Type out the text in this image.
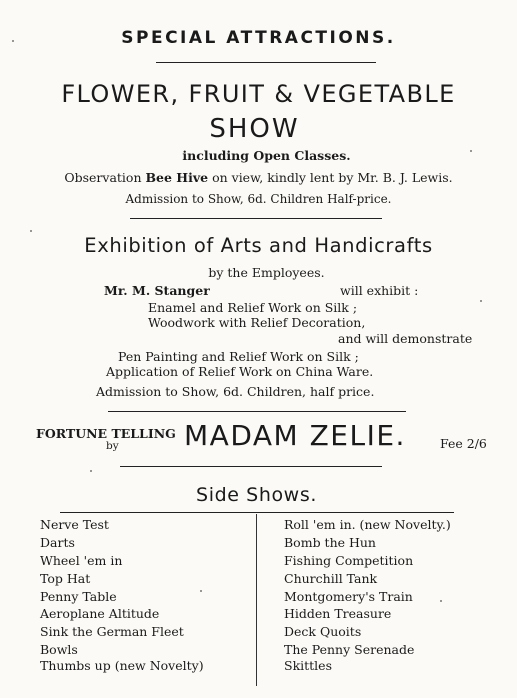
SPECIAL ATTRACTIONS.
FLOWER, FRUIT & VEGETABLE
SHOW
including Open Classes.
Observation Bee Hive on view, kindly lent by Mr. B. J. Lewis.
Admission to Show, 6d. Children Half-price.
Exhibition of Arts and Handicrafts
by the Employees.
Mr. M. Stanger	will exhibit :
Enamel and Relief Work on Silk ;
Woodwork with Relief Decoration,
and will demonstrate
Pen Painting and Relief Work on Silk ;
Application of Relief Work on China Ware.
Admission to Show, 6d. Children, half price.
FORTUNE TELLING
by MADAM ZELIE.	Fee 2/6
Side Shows.
Nerve Test
Darts
Wheel 'em in
Top Hat
Penny Table
Aeroplane Altitude
Sink the German Fleet
Bowls
Thumbs up (new Novelty)
Roll 'em in. (new Novelty.)
Bomb the Hun
Fishing Competition
Churchill Tank
Montgomery's Train
Hidden Treasure
Deck Quoits
The Penny Serenade
Skittles
